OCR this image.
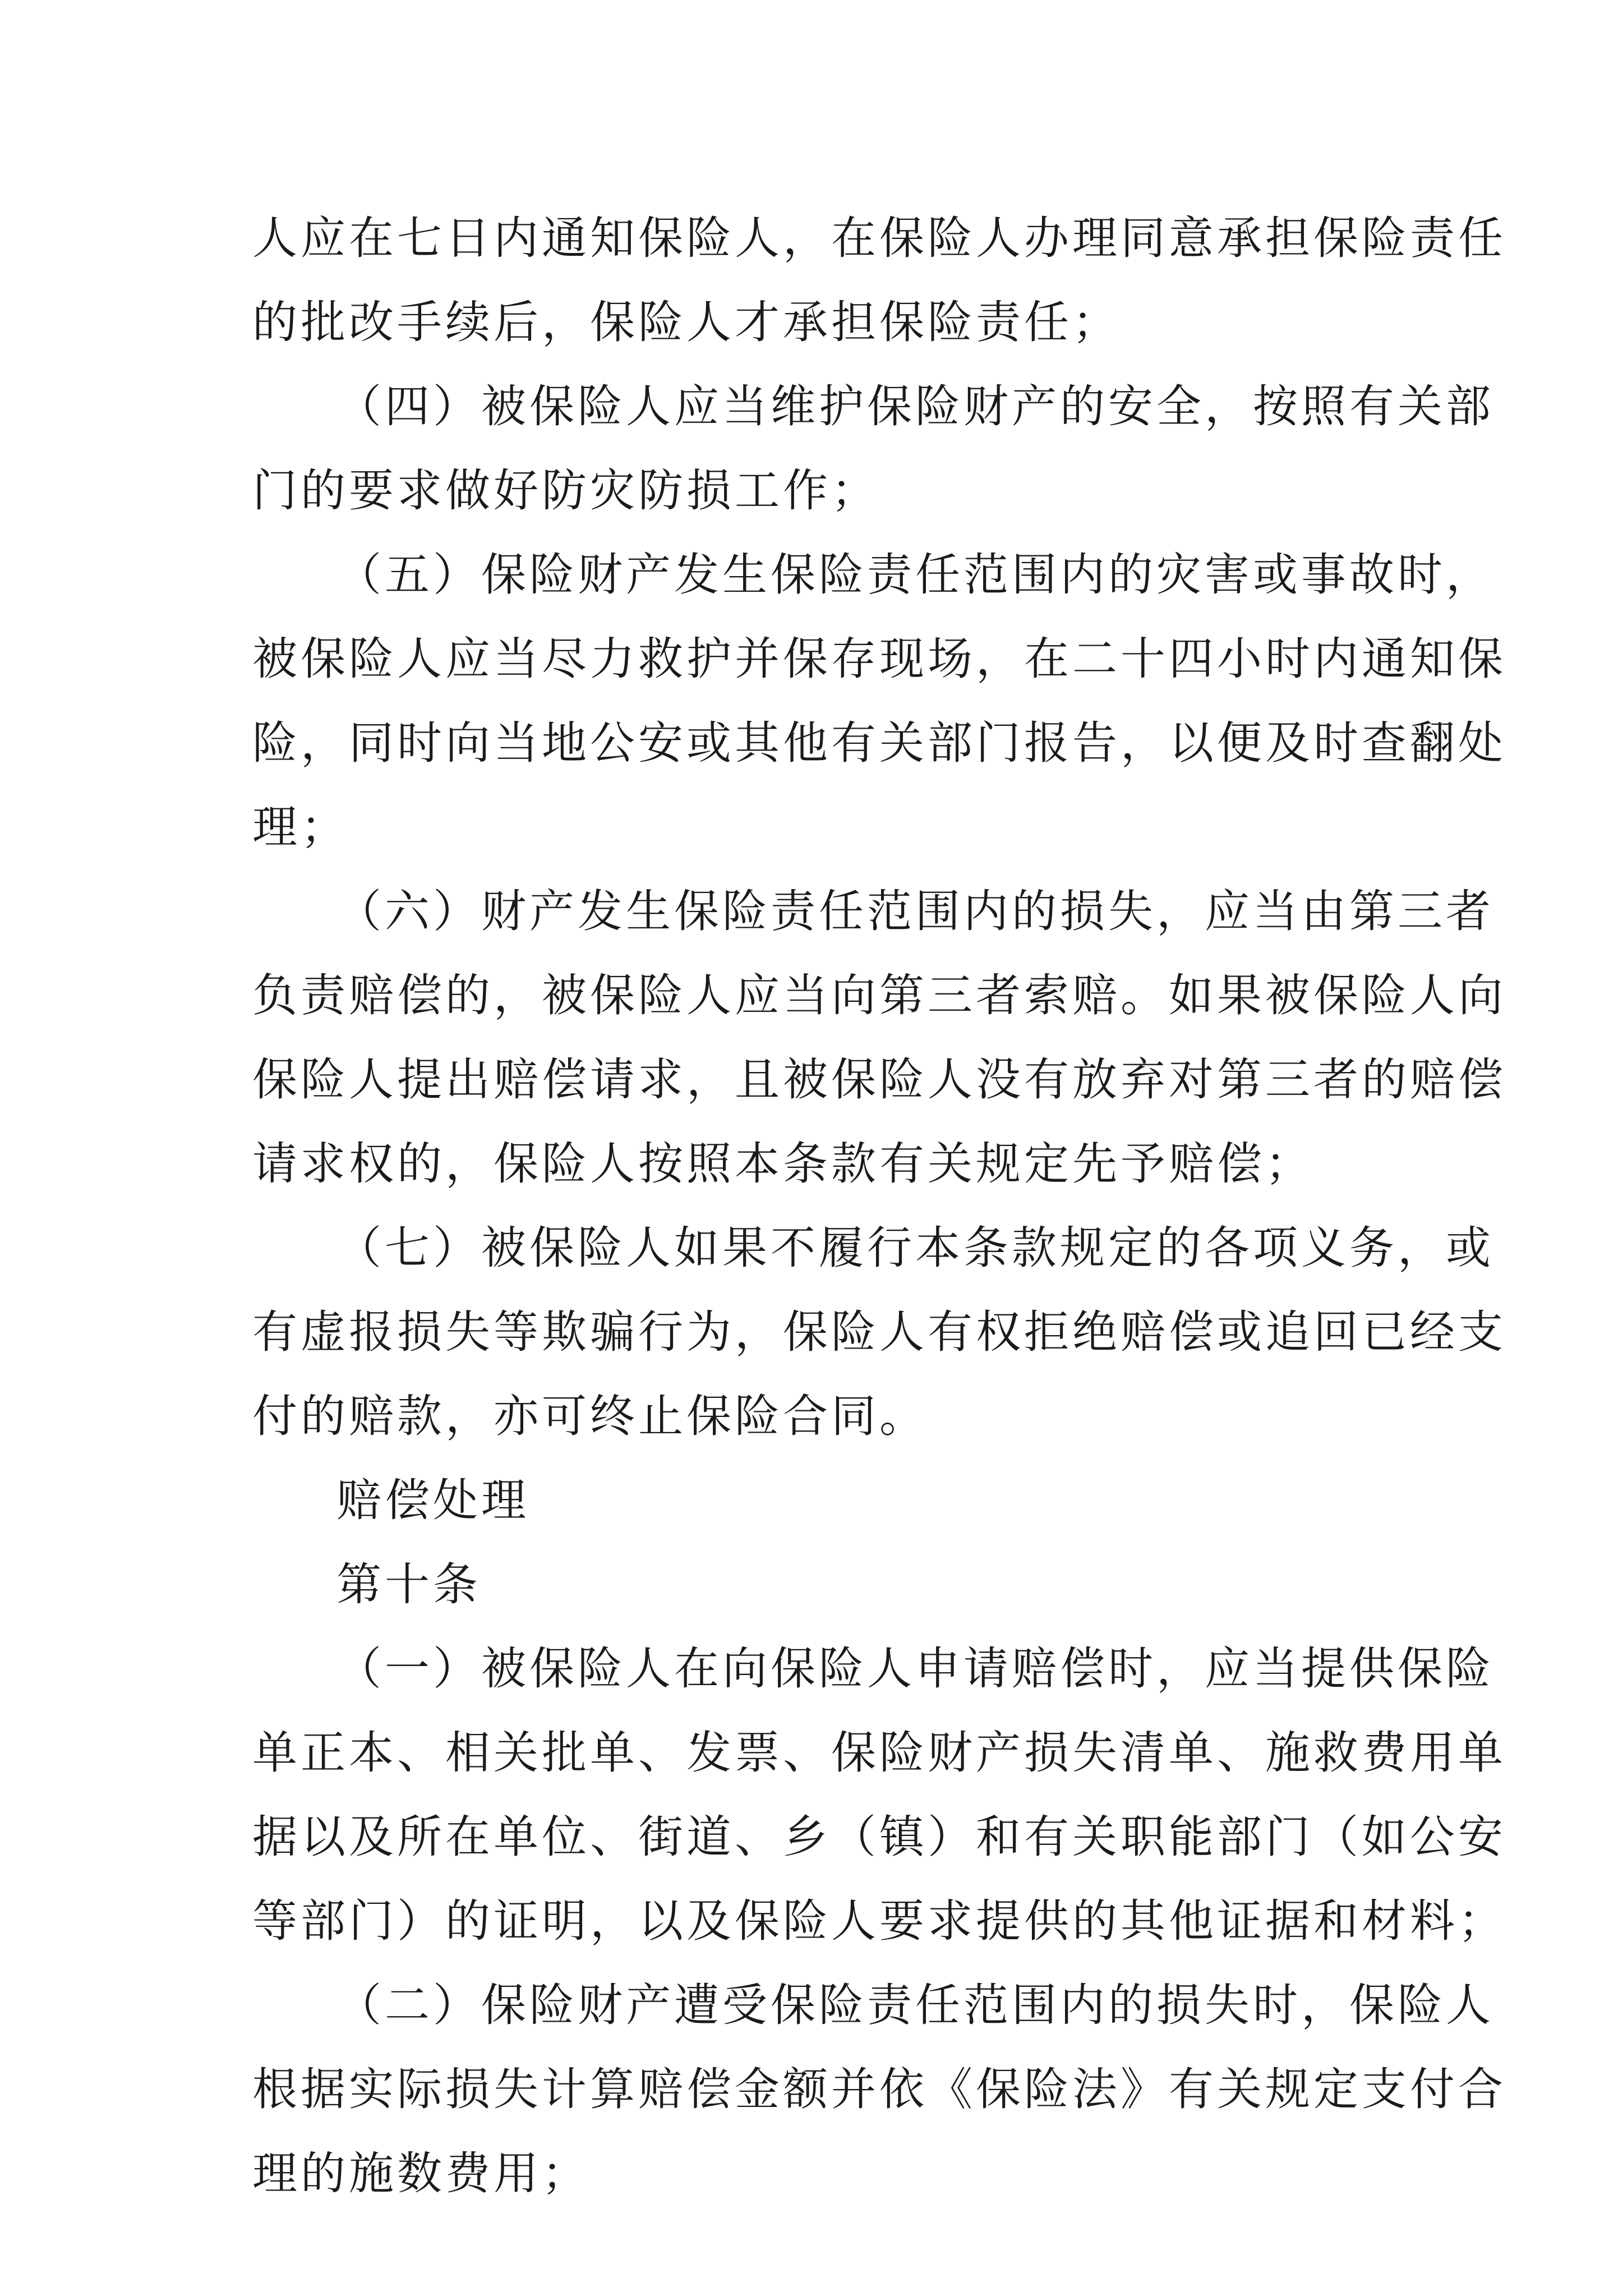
人应在七日内通知保险人，在保险人办理同意承担保险责任
的批改手续后，保险人才承担保险责任；
（四）被保险人应当维护保险财产的安全，按照有关部
门的要求做好防灾防损工作；
（五）保险财产发生保险责任范围内的灾害或事故时，
被保险人应当尽力救护并保存现场，在二十四小时内通知保
险，同时向当地公安或其他有关部门报告，以便及时查翻处
理；
（六）财产发生保险责任范围内的损失，应当由第三者
负责赔偿的，被保险人应当向第三者索赔。如果被保险人向
保险人提出赔偿请求，且被保险人没有放弃对第三者的赔偿
请求权的，保险人按照本条款有关规定先予赔偿；
（七）被保险人如果不履行本条款规定的各项义务，或
有虚报损失等欺骗行为，保险人有权拒绝赔偿或追回已经支
付的赔款，亦可终止保险合同。
赔偿处理
第十条
（一）被保险人在向保险人申请赔偿时，应当提供保险
单正本、相关批单、发票、保险财产损失清单、施救费用单
据以及所在单位、街道、乡（镇）和有关职能部门（如公安
等部门）的证明，以及保险人要求提供的其他证据和材料；
（二）保险财产遭受保险责任范围内的损失时，保险人
根据实际损失计算赔偿金额并依《保险法》有关规定支付合
理的施数费用；
